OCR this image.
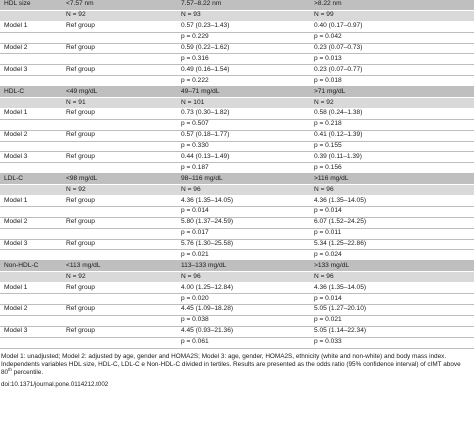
HDL size	<7.57 nm	7.57–8.22 nm	>8.22 nm
	N = 92	N = 93	N = 99
Model 1	Ref group	0.57 (0.23–1.43)	0.40 (0.17–0.97)
		p = 0.229	p = 0.042
Model 2	Ref group	0.59 (0.22–1.62)	0.23 (0.07–0.73)
		p = 0.316	p = 0.013
Model 3	Ref group	0.49 (0.16–1.54)	0.23 (0.07–0.77)
		p = 0.222	p = 0.018
HDL-C	<49 mg/dL	49–71 mg/dL	>71 mg/dL
	N = 91	N = 101	N = 92
Model 1	Ref group	0.73 (0.30–1.82)	0.58 (0.24–1.38)
		p = 0.507	p = 0.218
Model 2	Ref group	0.57 (0.18–1.77)	0.41 (0.12–1.39)
		p = 0.330	p = 0.155
Model 3	Ref group	0.44 (0.13–1.49)	0.39 (0.11–1.39)
		p = 0.187	p = 0.156
LDL-C	<98 mg/dL	98–116 mg/dL	>116 mg/dL
	N = 92	N = 96	N = 96
Model 1	Ref group	4.36 (1.35–14.05)	4.36 (1.35–14.05)
		p = 0.014	p = 0.014
Model 2	Ref group	5.80 (1.37–24.59)	6.07 (1.52–24.25)
		p = 0.017	p = 0.011
Model 3	Ref group	5.76 (1.30–25.58)	5.34 (1.25–22.86)
		p = 0.021	p = 0.024
Non-HDL-C	<113 mg/dL	113–133 mg/dL	>133 mg/dL
	N = 92	N = 96	N = 96
Model 1	Ref group	4.00 (1.25–12.84)	4.36 (1.35–14.05)
		p = 0.020	p = 0.014
Model 2	Ref group	4.45 (1.09–18.28)	5.05 (1.27–20.10)
		p = 0.038	p = 0.021
Model 3	Ref group	4.45 (0.93–21.36)	5.05 (1.14–22.34)
		p = 0.061	p = 0.033
Model 1: unadjusted; Model 2: adjusted by age, gender and HOMA2S; Model 3: age, gender, HOMA2S, ethnicity (white and non-white) and body mass index. Independents variables HDL size, HDL-C, LDL-C e Non-HDL-C divided in tertiles. Results are presented as the odds ratio (95% confidence interval) of cIMT above 80th percentile.
doi:10.1371/journal.pone.0114212.t002
